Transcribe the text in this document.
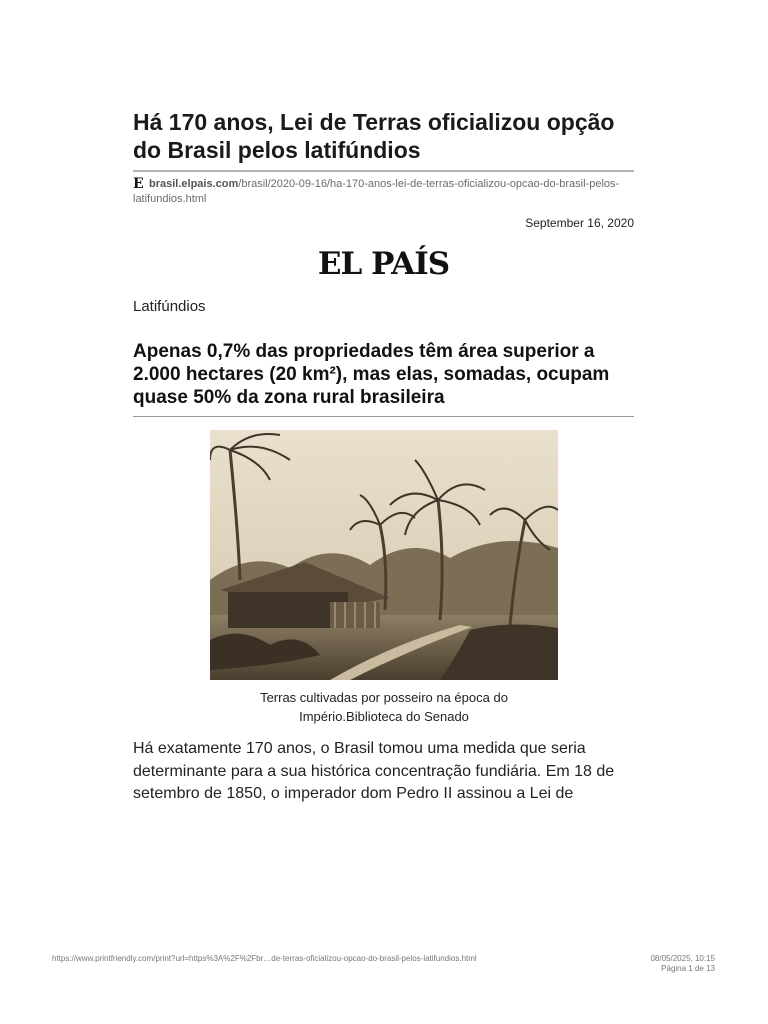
Há 170 anos, Lei de Terras oficializou opção do Brasil pelos latifúndios
E brasil.elpais.com/brasil/2020-09-16/ha-170-anos-lei-de-terras-oficializou-opcao-do-brasil-pelos-latifundios.html
September 16, 2020
EL PAÍS
Latifúndios
Apenas 0,7% das propriedades têm área superior a 2.000 hectares (20 km²), mas elas, somadas, ocupam quase 50% da zona rural brasileira
Terras cultivadas por posseiro na época do Império.Biblioteca do Senado

Há exatamente 170 anos, o Brasil tomou uma medida que seria determinante para a sua histórica concentração fundiária. Em 18 de setembro de 1850, o imperador dom Pedro II assinou a Lei de

https://www.printfriendly.com/print?url=https%3A%2F%2Fbr…de-terras-oficializou-opcao-do-brasil-pelos-latifundios.html	08/05/2025, 10:15
Página 1 de 13
